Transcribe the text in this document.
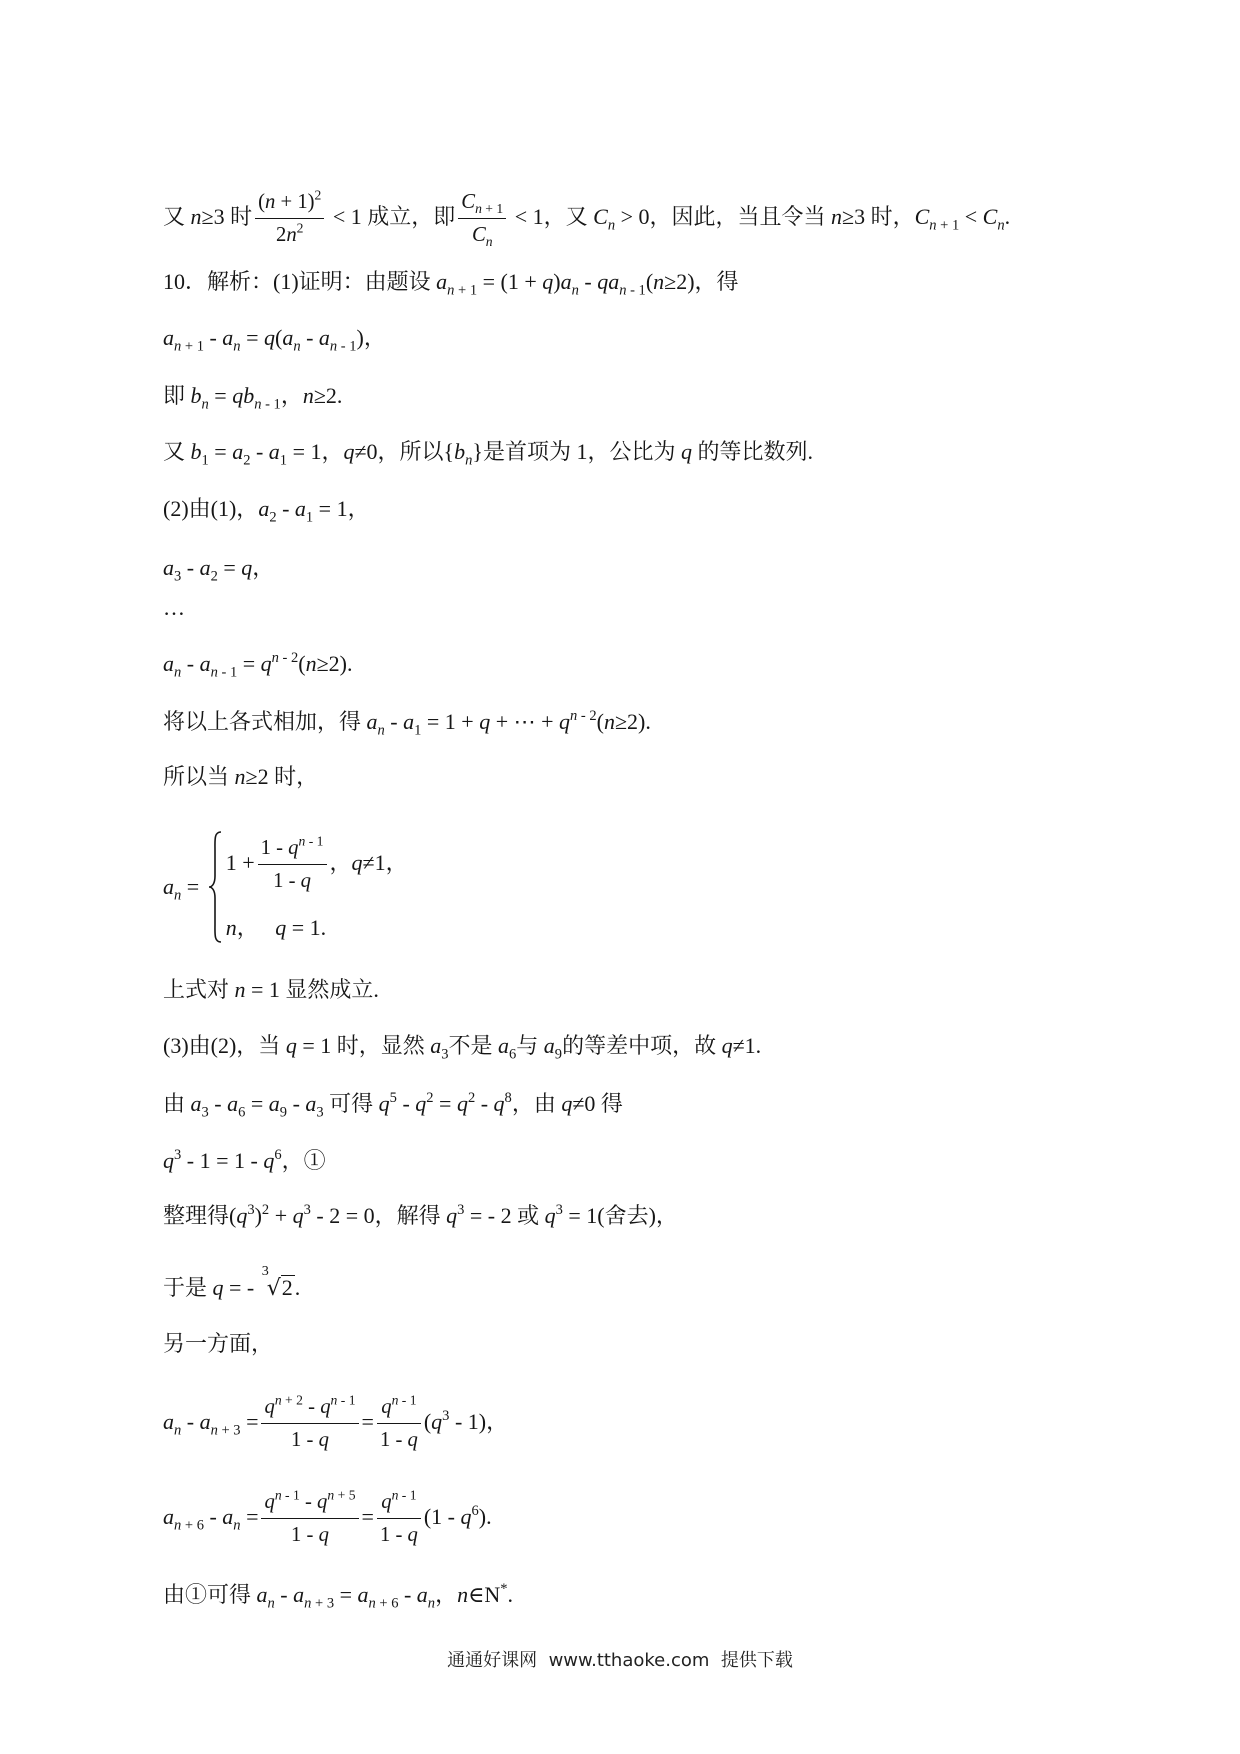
又 n≥3 时 $\frac{(n + 1)^2}{2n^2} < 1$ 成立，即 $\frac{C_{n + 1}}{C_n} < 1$，又 $C_n > 0$，因此，当且令当 n≥3 时，$C_{n + 1} < C_n$.
10．解析：(1)证明：由题设 $a_{n + 1} = (1 + q)a_n - qa_{n - 1}(n\ge 2)$，得
$a_{n + 1} - a_n = q(a_n - a_{n - 1})$，
即 $b_n = qb_{n - 1}$，n≥2.
又 $b_1 = a_2 - a_1 = 1$，q≠0，所以$\{b_n\}$是首项为 1，公比为 q 的等比数列.
(2)由(1)，$a_2 - a_1 = 1$，
$a_3 - a_2 = q$，
…
$a_n - a_{n - 1} = q^{n - 2}(n\ge 2)$.
将以上各式相加，得 $a_n - a_1 = 1 + q$ + ⋯ + $q^{n - 2}(n\ge 2)$.
所以当 n≥2 时，
$a_n$ =
$1 + \frac{1 - q^{n - 1}}{1 - q}$ ，q≠1，
n，   q = 1.
上式对 n = 1 显然成立.
(3)由(2)，当 q = 1 时，显然 $a_3$不是 $a_6$与 $a_9$的等差中项，故 q≠1.
由 $a_3 - a_6 = a_9 - a_3$ 可得 $q^5 - q^2 = q^2 - q^8$，由 q≠0 得
$q^3 - 1 = 1 - q^6$，①
整理得$(q^3)^2 + q^3 - 2 = 0$，解得 $q^3$ = - 2 或 $q^3 = 1$(舍去)，
于是 q = -
3
√2.
另一方面，
$a_n - a_{n + 3} = \frac{q^{n + 2} - q^{n - 1}}{1 - q} = \frac{q^{n - 1}}{1 - q} (q^3 - 1)$，
$a_{n + 6} - a_n = \frac{q^{n - 1} - q^{n + 5}}{1 - q} = \frac{q^{n - 1}}{1 - q} (1 - q^6)$.
由①可得 $a_n - a_{n + 3} = a_{n + 6} - a_n$，n∈N*.
通通好课网  www.tthaoke.com  提供下载
